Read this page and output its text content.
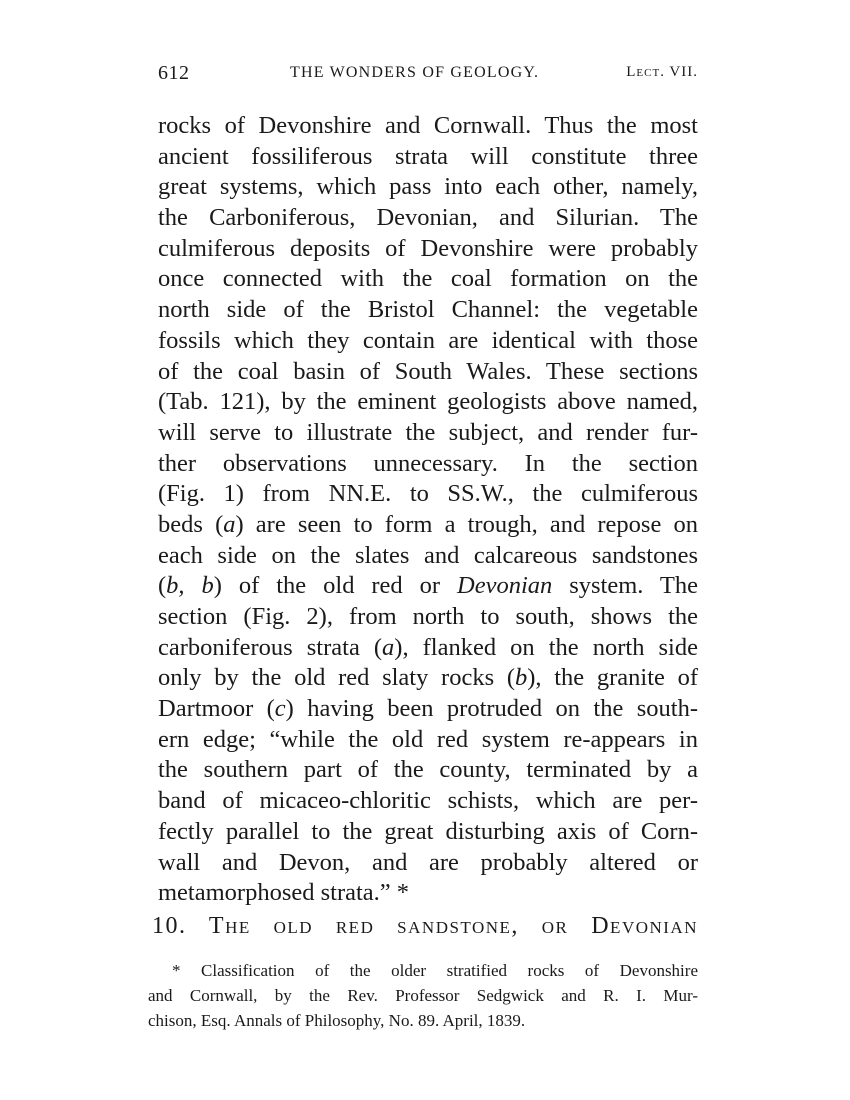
612	THE WONDERS OF GEOLOGY.	Lect. VII.
rocks of Devonshire and Cornwall. Thus the most
ancient fossiliferous strata will constitute three
great systems, which pass into each other, namely,
the Carboniferous, Devonian, and Silurian. The
culmiferous deposits of Devonshire were probably
once connected with the coal formation on the
north side of the Bristol Channel: the vegetable
fossils which they contain are identical with those
of the coal basin of South Wales. These sections
(Tab. 121), by the eminent geologists above named,
will serve to illustrate the subject, and render fur-
ther observations unnecessary. In the section
(Fig. 1) from NN.E. to SS.W., the culmiferous
beds (a) are seen to form a trough, and repose on
each side on the slates and calcareous sandstones
(b, b) of the old red or Devonian system. The
section (Fig. 2), from north to south, shows the
carboniferous strata (a), flanked on the north side
only by the old red slaty rocks (b), the granite of
Dartmoor (c) having been protruded on the south-
ern edge; “while the old red system re-appears in
the southern part of the county, terminated by a
band of micaceo-chloritic schists, which are per-
fectly parallel to the great disturbing axis of Corn-
wall and Devon, and are probably altered or
metamorphosed strata.” *
10. The old red sandstone, or Devonian
* Classification of the older stratified rocks of Devonshire
and Cornwall, by the Rev. Professor Sedgwick and R. I. Mur-
chison, Esq. Annals of Philosophy, No. 89. April, 1839.
